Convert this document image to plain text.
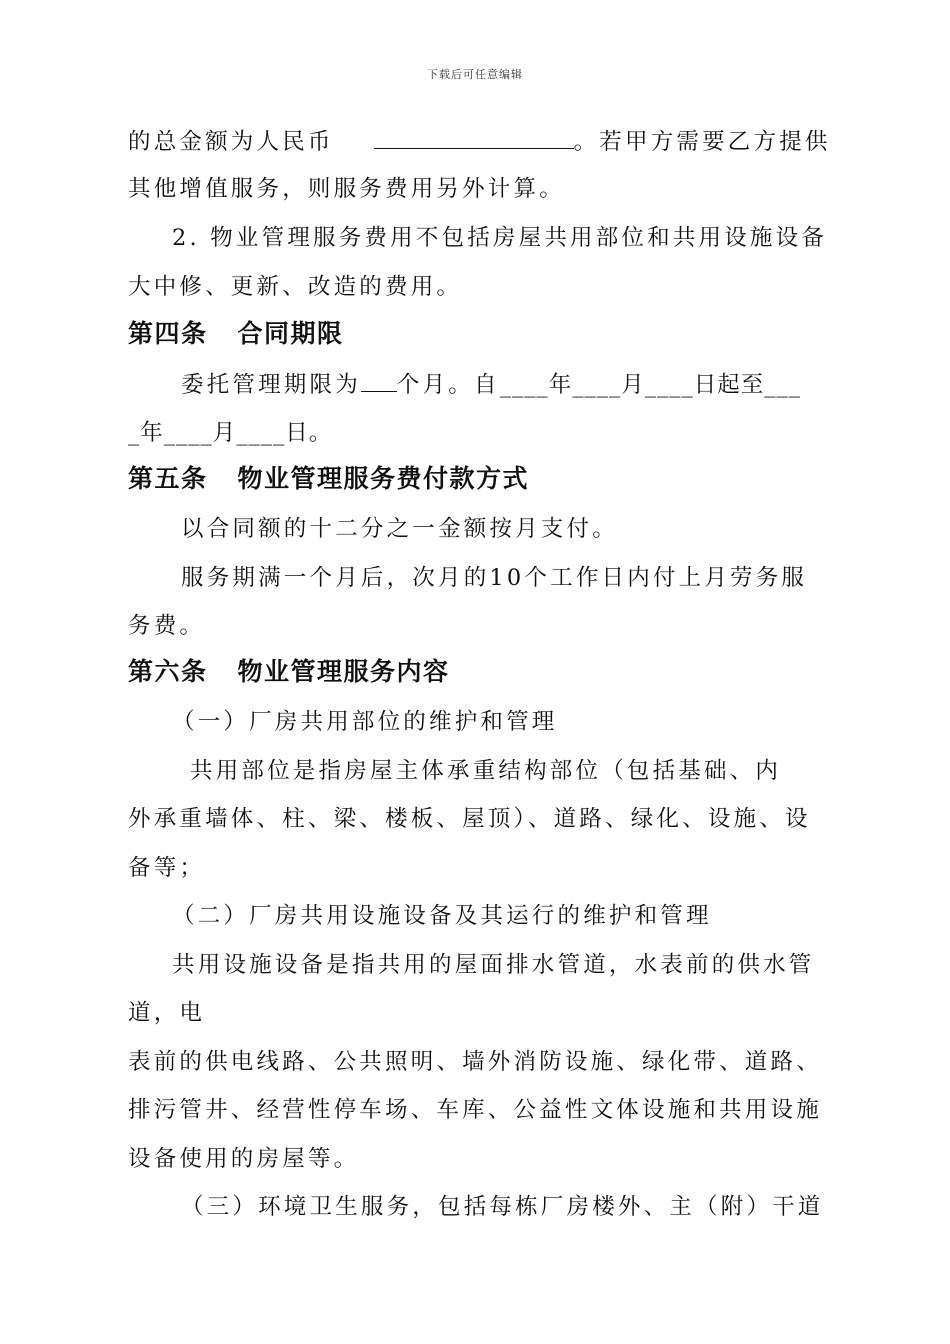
下载后可任意编辑
的总金额为人民币	。若甲方需要乙方提供
其他增值服务，则服务费用另外计算。
2. 物业管理服务费用不包括房屋共用部位和共用设施设备
大中修、更新、改造的费用。
第四条 合同期限
委托管理期限为 个月。自____年____月____日起至___
_年____月____日。
第五条 物业管理服务费付款方式
以合同额的十二分之一金额按月支付。
服务期满一个月后，次月的10个工作日内付上月劳务服
务费。
第六条 物业管理服务内容
（一）厂房共用部位的维护和管理
共用部位是指房屋主体承重结构部位（包括基础、内
外承重墙体、柱、梁、楼板、屋顶）、道路、绿化、设施、设
备等；
（二）厂房共用设施设备及其运行的维护和管理
共用设施设备是指共用的屋面排水管道，水表前的供水管
道，电
表前的供电线路、公共照明、墙外消防设施、绿化带、道路、
排污管井、经营性停车场、车库、公益性文体设施和共用设施
设备使用的房屋等。
（三）环境卫生服务，包括每栋厂房楼外、主（附）干道
